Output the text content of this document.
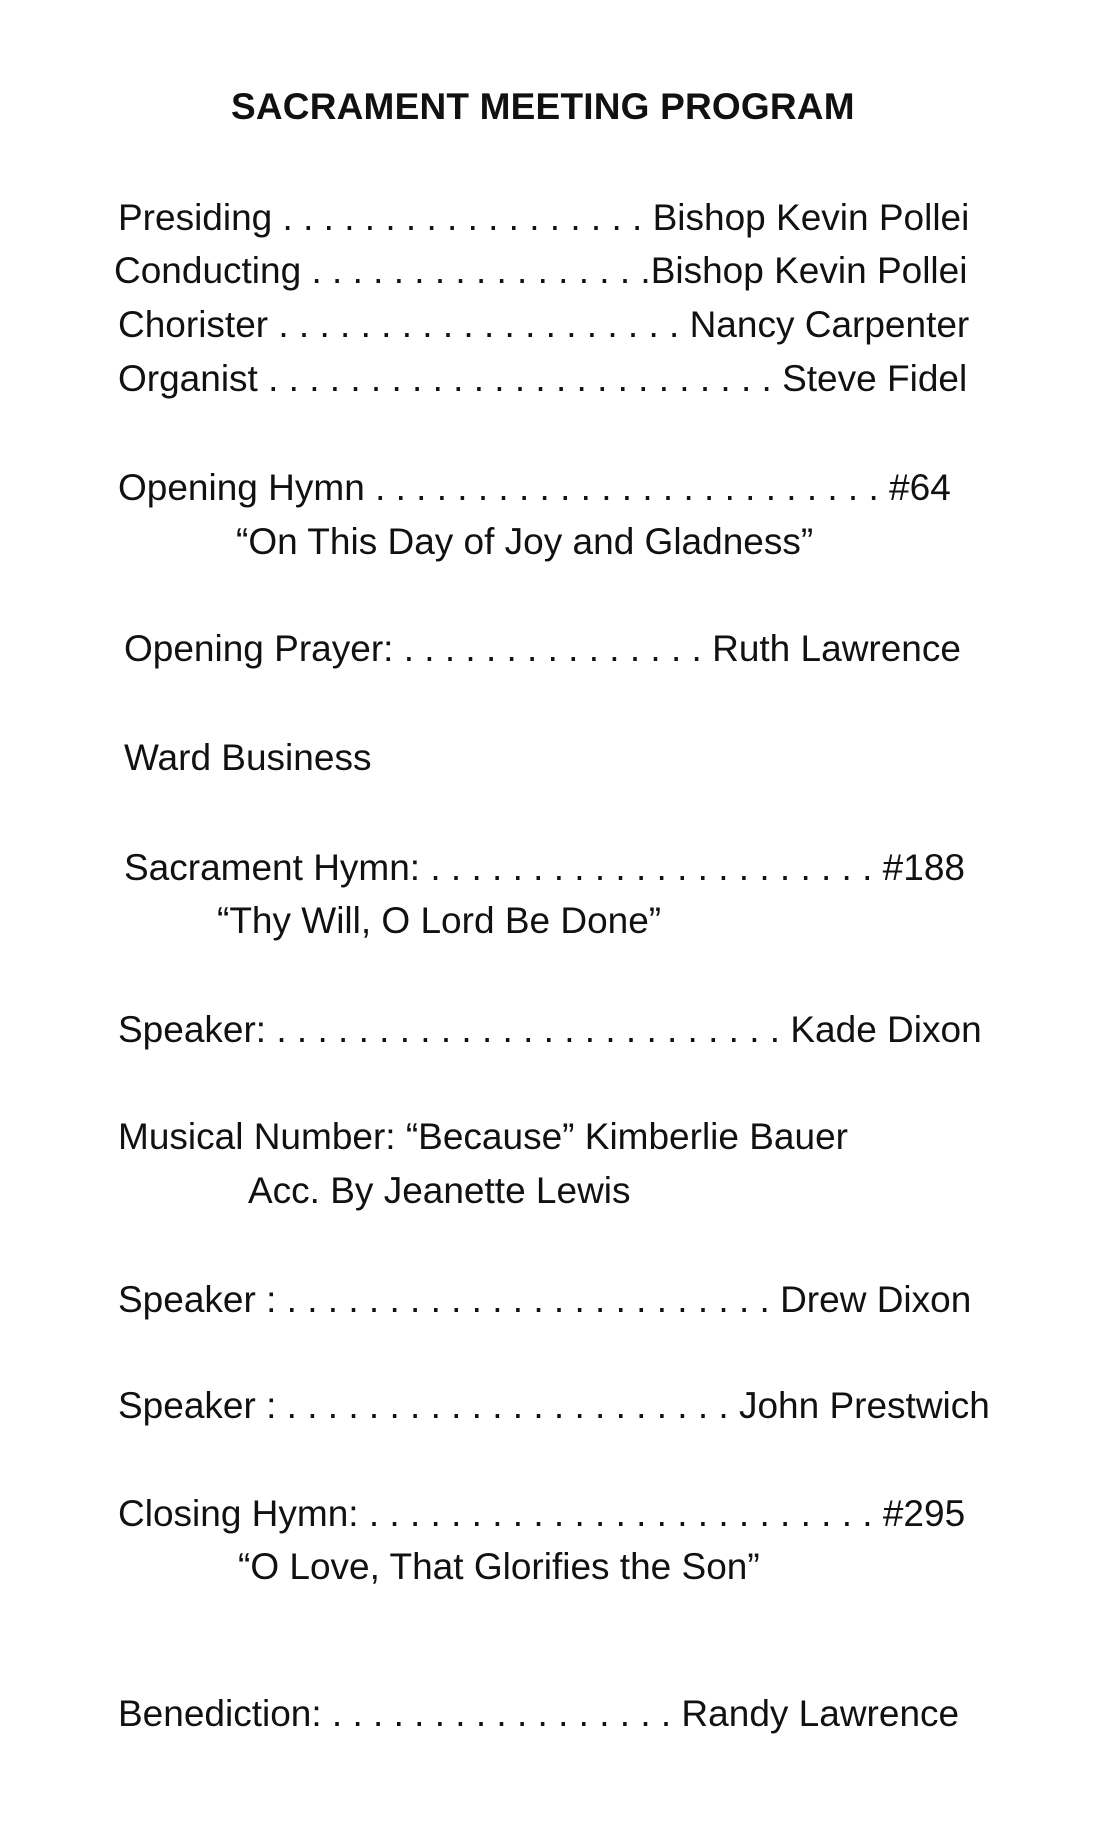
SACRAMENT MEETING PROGRAM
Presiding . . . . . . . . . . . . . . . . . . Bishop Kevin Pollei
Conducting . . . . . . . . . . . . . . . . .Bishop Kevin Pollei
Chorister . . . . . . . . . . . . . . . . . . . . Nancy Carpenter
Organist . . . . . . . . . . . . . . . . . . . . . . . . . Steve Fidel
Opening Hymn . . . . . . . . . . . . . . . . . . . . . . . . . #64
“On This Day of Joy and Gladness”
Opening Prayer: . . . . . . . . . . . . . . . Ruth Lawrence
Ward Business
Sacrament Hymn: . . . . . . . . . . . . . . . . . . . . . . #188
“Thy Will, O Lord Be Done”
Speaker: . . . . . . . . . . . . . . . . . . . . . . . . . Kade Dixon
Musical Number: “Because” Kimberlie Bauer
Acc. By Jeanette Lewis
Speaker : . . . . . . . . . . . . . . . . . . . . . . . . Drew Dixon
Speaker : . . . . . . . . . . . . . . . . . . . . . . John Prestwich
Closing Hymn: . . . . . . . . . . . . . . . . . . . . . . . . . #295
“O Love, That Glorifies the Son”
Benediction: . . . . . . . . . . . . . . . . . Randy Lawrence
